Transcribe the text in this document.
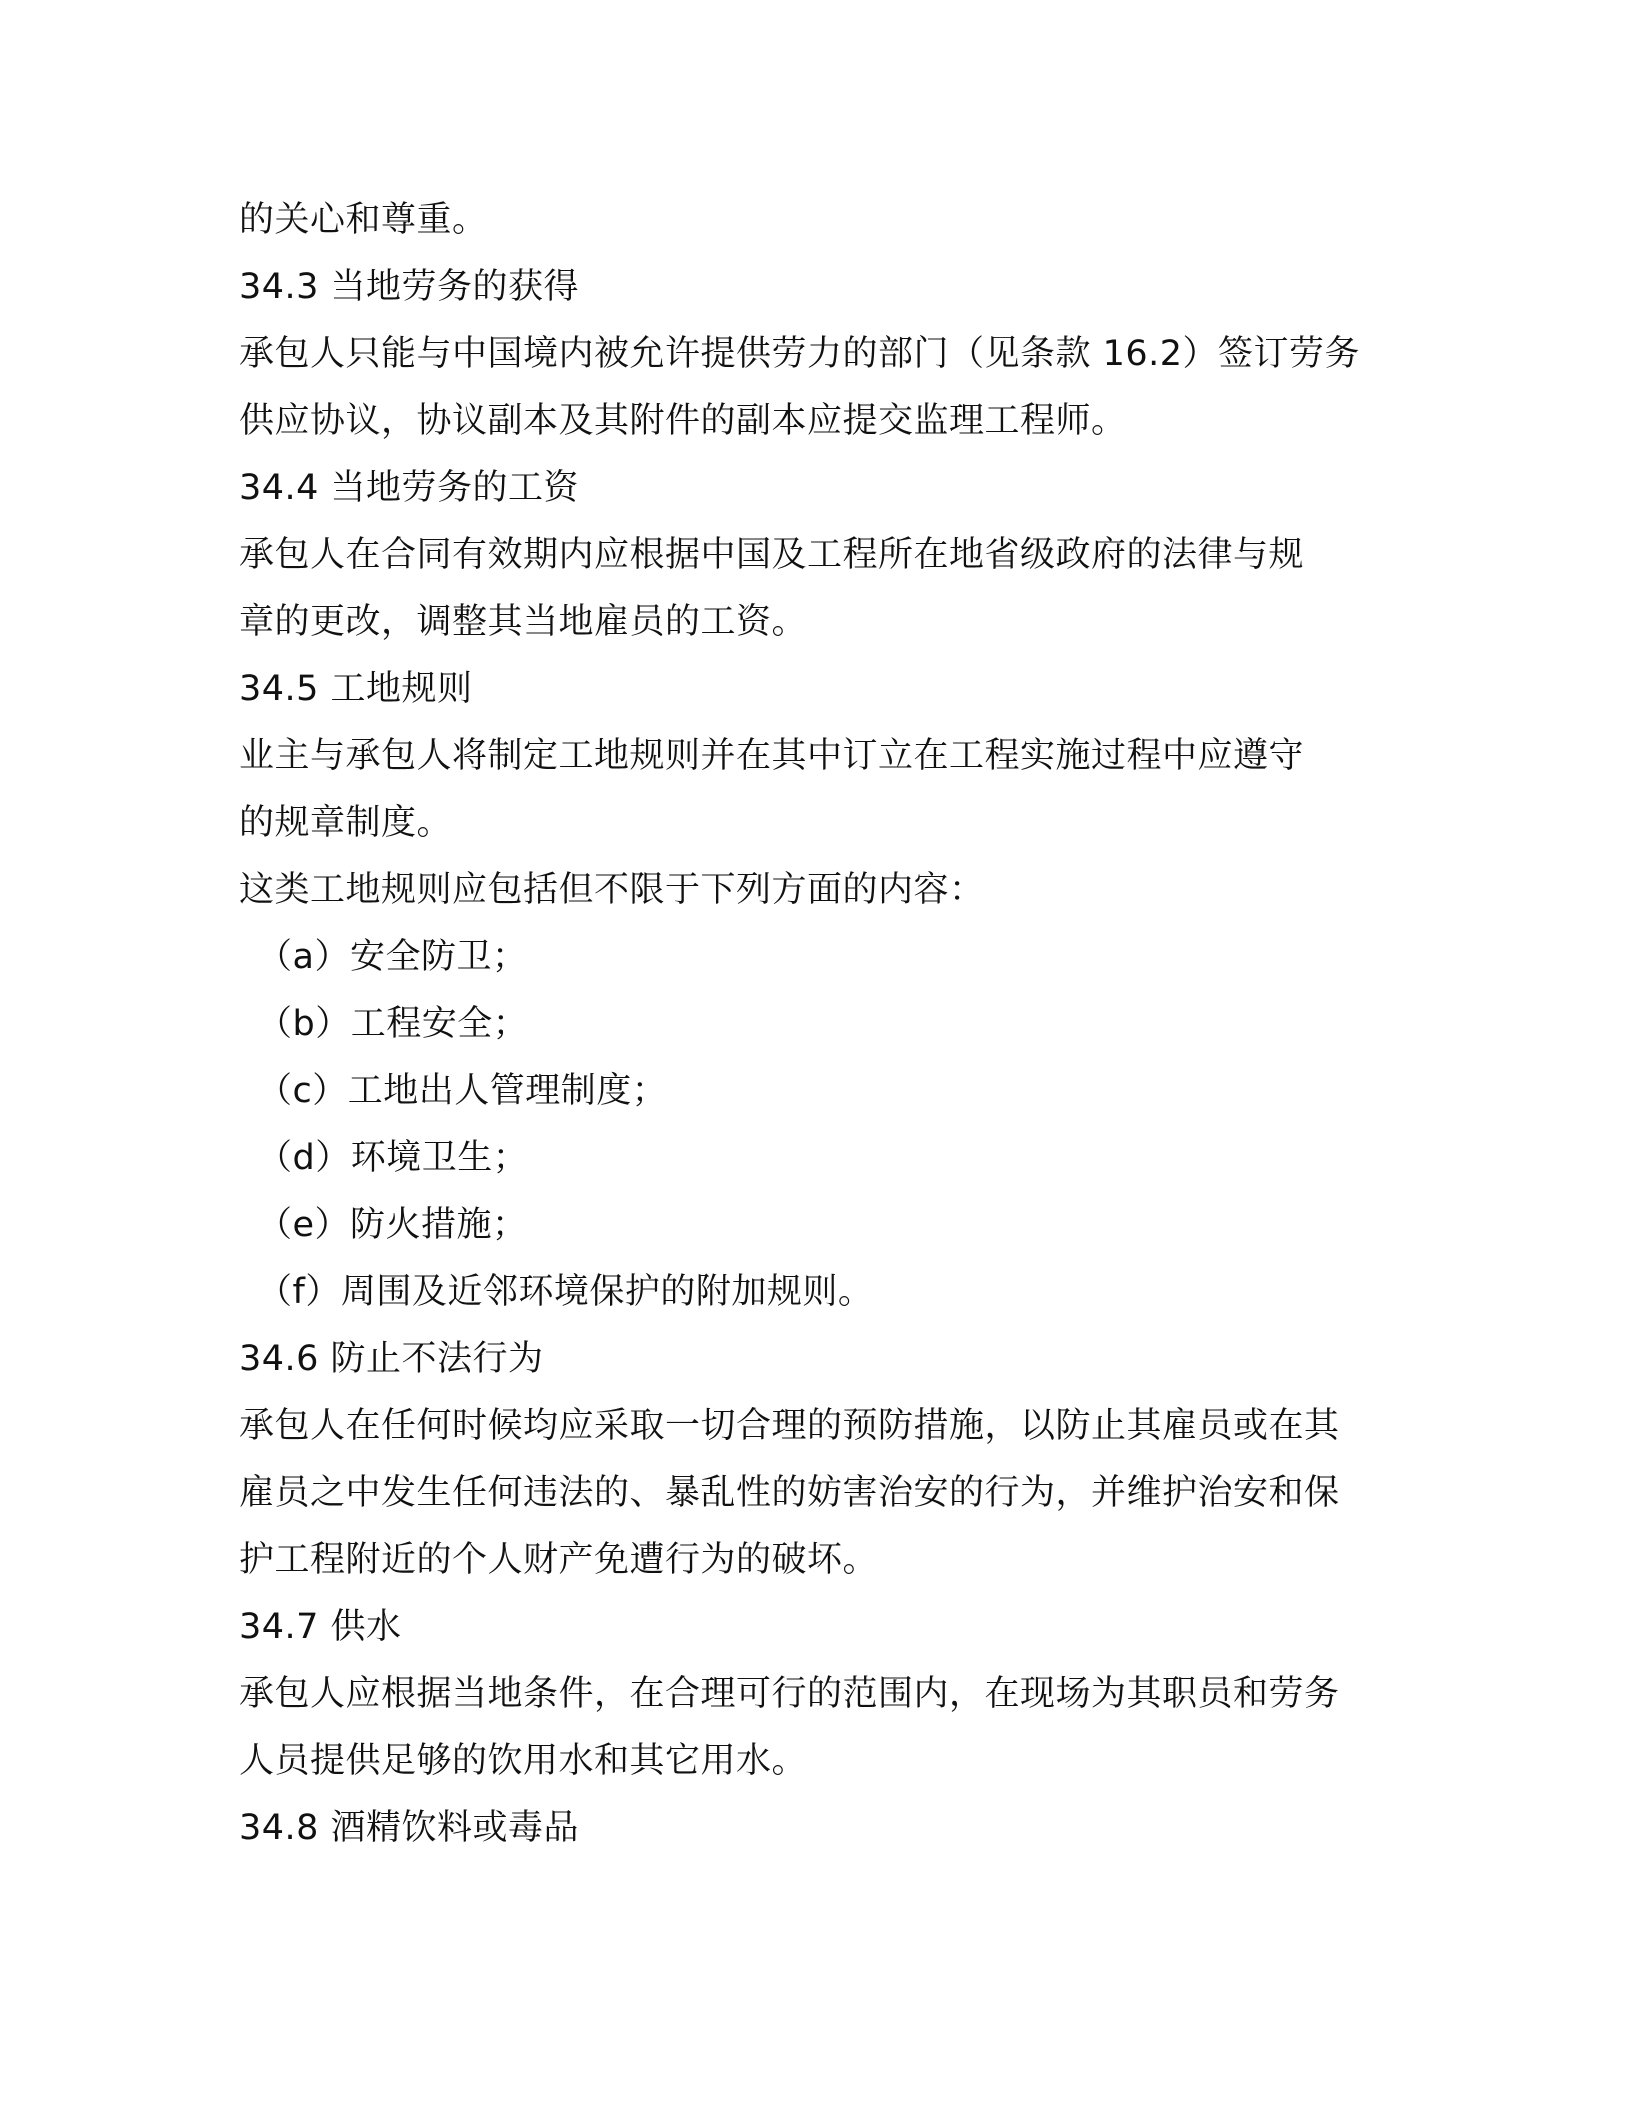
的关心和尊重。
34.3 当地劳务的获得
承包人只能与中国境内被允许提供劳力的部门（见条款 16.2）签订劳务
供应协议，协议副本及其附件的副本应提交监理工程师。
34.4 当地劳务的工资
承包人在合同有效期内应根据中国及工程所在地省级政府的法律与规
章的更改，调整其当地雇员的工资。
34.5 工地规则
业主与承包人将制定工地规则并在其中订立在工程实施过程中应遵守
的规章制度。
这类工地规则应包括但不限于下列方面的内容：
（a）安全防卫；
（b）工程安全；
（c）工地出人管理制度；
（d）环境卫生；
（e）防火措施；
（f）周围及近邻环境保护的附加规则。
34.6 防止不法行为
承包人在任何时候均应采取一切合理的预防措施，以防止其雇员或在其
雇员之中发生任何违法的、暴乱性的妨害治安的行为，并维护治安和保
护工程附近的个人财产免遭行为的破坏。
34.7 供水
承包人应根据当地条件，在合理可行的范围内，在现场为其职员和劳务
人员提供足够的饮用水和其它用水。
34.8 酒精饮料或毒品
